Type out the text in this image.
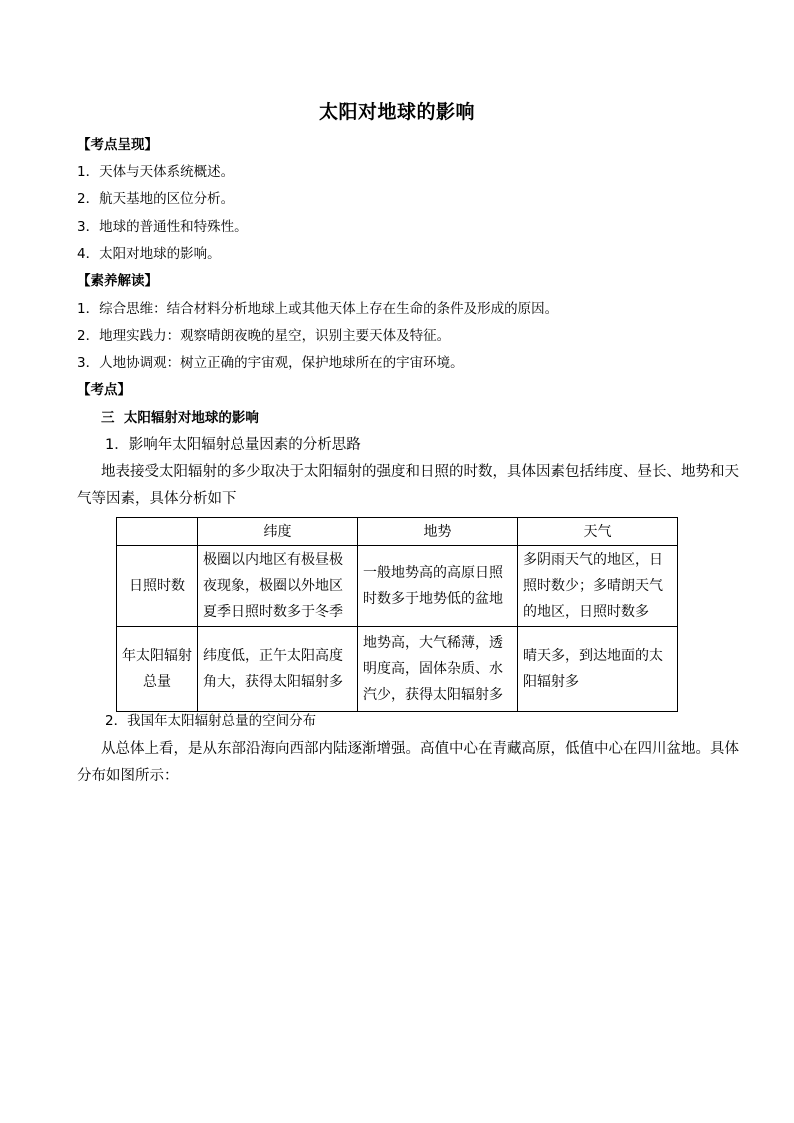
太阳对地球的影响
【考点呈现】
1．天体与天体系统概述。
2．航天基地的区位分析。
3．地球的普通性和特殊性。
4．太阳对地球的影响。
【素养解读】
1．综合思维：结合材料分析地球上或其他天体上存在生命的条件及形成的原因。
2．地理实践力：观察晴朗夜晚的星空，识别主要天体及特征。
3．人地协调观：树立正确的宇宙观，保护地球所在的宇宙环境。
【考点】
三  太阳辐射对地球的影响
1．影响年太阳辐射总量因素的分析思路
地表接受太阳辐射的多少取决于太阳辐射的强度和日照的时数，具体因素包括纬度、昼长、地势和天
气等因素，具体分析如下
	纬度	地势	天气
日照时数	极圈以内地区有极昼极夜现象，极圈以外地区夏季日照时数多于冬季	一般地势高的高原日照时数多于地势低的盆地	多阴雨天气的地区，日照时数少；多晴朗天气的地区，日照时数多
年太阳辐射总量	纬度低，正午太阳高度角大，获得太阳辐射多	地势高，大气稀薄，透明度高，固体杂质、水汽少，获得太阳辐射多	晴天多，到达地面的太阳辐射多
2．我国年太阳辐射总量的空间分布
从总体上看，是从东部沿海向西部内陆逐渐增强。高值中心在青藏高原，低值中心在四川盆地。具体
分布如图所示：
